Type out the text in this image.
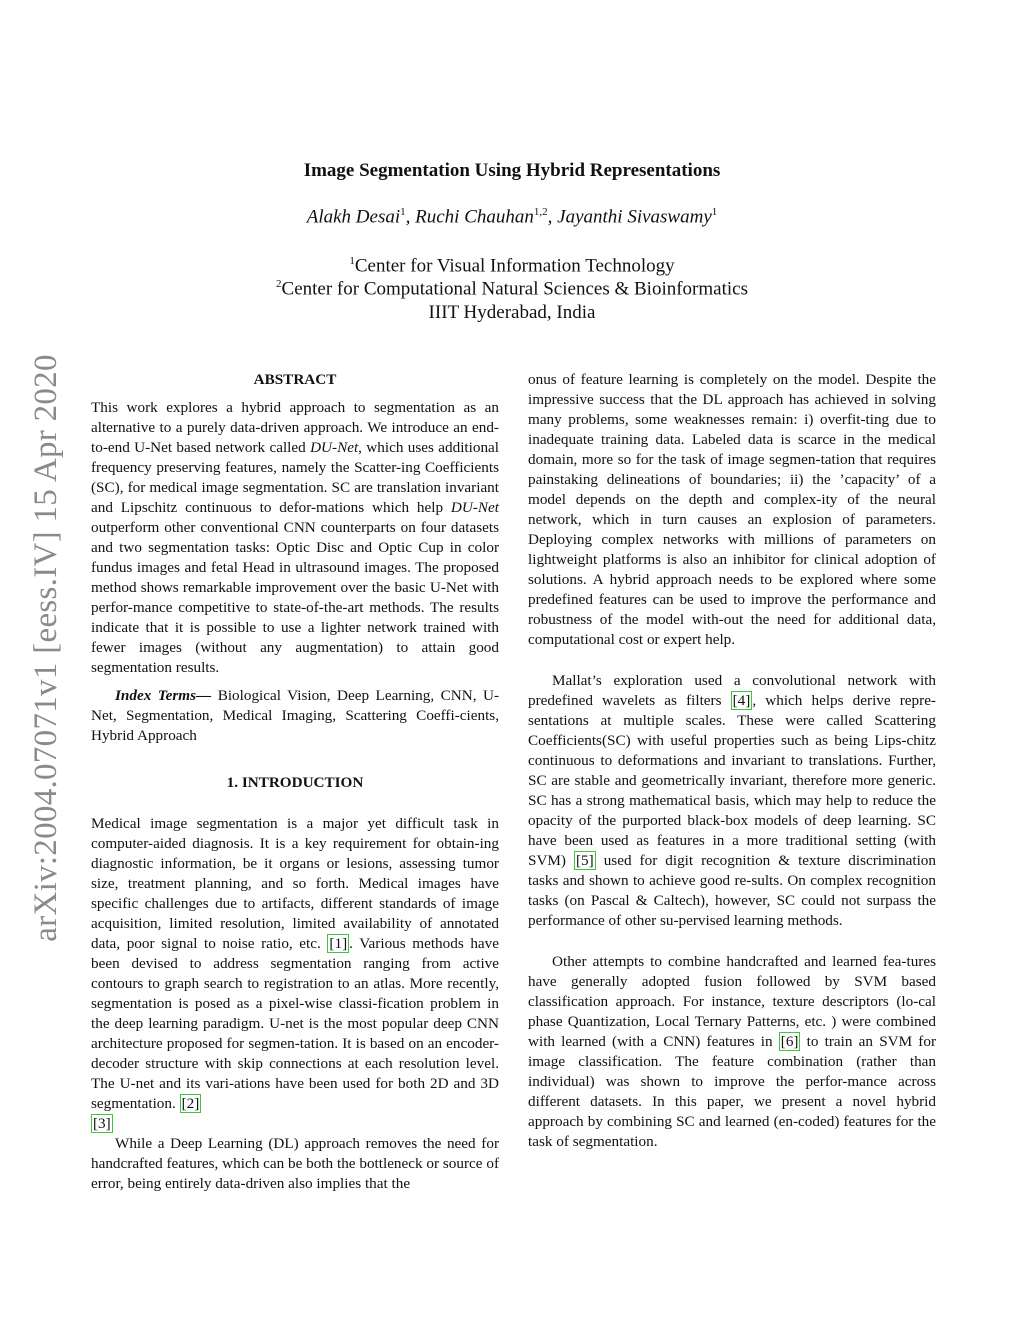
arXiv:2004.07071v1 [eess.IV] 15 Apr 2020
Image Segmentation Using Hybrid Representations
Alakh Desai$^1$, Ruchi Chauhan$^{1,2}$, Jayanthi Sivaswamy$^1$
$^1$Center for Visual Information Technology
$^2$Center for Computational Natural Sciences & Bioinformatics
IIIT Hyderabad, India
ABSTRACT

This work explores a hybrid approach to segmentation as an alternative to a purely data-driven approach. We introduce an end-to-end U-Net based network called DU-Net, which uses additional frequency preserving features, namely the Scatter-ing Coefficients (SC), for medical image segmentation. SC are translation invariant and Lipschitz continuous to defor-mations which help DU-Net outperform other conventional CNN counterparts on four datasets and two segmentation tasks: Optic Disc and Optic Cup in color fundus images and fetal Head in ultrasound images. The proposed method shows remarkable improvement over the basic U-Net with perfor-mance competitive to state-of-the-art methods. The results indicate that it is possible to use a lighter network trained with fewer images (without any augmentation) to attain good segmentation results.

Index Terms— Biological Vision, Deep Learning, CNN, U-Net, Segmentation, Medical Imaging, Scattering Coeffi-cients, Hybrid Approach

1. INTRODUCTION

Medical image segmentation is a major yet difficult task in computer-aided diagnosis. It is a key requirement for obtain-ing diagnostic information, be it organs or lesions, assessing tumor size, treatment planning, and so forth. Medical images have specific challenges due to artifacts, different standards of image acquisition, limited resolution, limited availability of annotated data, poor signal to noise ratio, etc. [1] . Various methods have been devised to address segmentation ranging from active contours to graph search to registration to an atlas. More recently, segmentation is posed as a pixel-wise classi-fication problem in the deep learning paradigm. U-net is the most popular deep CNN architecture proposed for segmen-tation. It is based on an encoder-decoder structure with skip connections at each resolution level. The U-net and its vari-ations have been used for both 2D and 3D segmentation. [2]
[3]

While a Deep Learning (DL) approach removes the need for handcrafted features, which can be both the bottleneck or source of error, being entirely data-driven also implies that the

onus of feature learning is completely on the model. Despite the impressive success that the DL approach has achieved in solving many problems, some weaknesses remain: i) overfit-ting due to inadequate training data. Labeled data is scarce in the medical domain, more so for the task of image segmen-tation that requires painstaking delineations of boundaries; ii) the ’capacity’ of a model depends on the depth and complex-ity of the neural network, which in turn causes an explosion of parameters. Deploying complex networks with millions of parameters on lightweight platforms is also an inhibitor for clinical adoption of solutions. A hybrid approach needs to be explored where some predefined features can be used to improve the performance and robustness of the model with-out the need for additional data, computational cost or expert help.

Mallat’s exploration used a convolutional network with predefined wavelets as filters [4] , which helps derive repre-sentations at multiple scales. These were called Scattering Coefficients(SC) with useful properties such as being Lips-chitz continuous to deformations and invariant to translations. Further, SC are stable and geometrically invariant, therefore more generic. SC has a strong mathematical basis, which may help to reduce the opacity of the purported black-box models of deep learning. SC have been used as features in a more traditional setting (with SVM) [5] used for digit recognition & texture discrimination tasks and shown to achieve good re-sults. On complex recognition tasks (on Pascal & Caltech), however, SC could not surpass the performance of other su-pervised learning methods.

Other attempts to combine handcrafted and learned fea-tures have generally adopted fusion followed by SVM based classification approach. For instance, texture descriptors (lo-cal phase Quantization, Local Ternary Patterns, etc. ) were combined with learned (with a CNN) features in [6] to train an SVM for image classification. The feature combination (rather than individual) was shown to improve the perfor-mance across different datasets. In this paper, we present a novel hybrid approach by combining SC and learned (en-coded) features for the task of segmentation.
